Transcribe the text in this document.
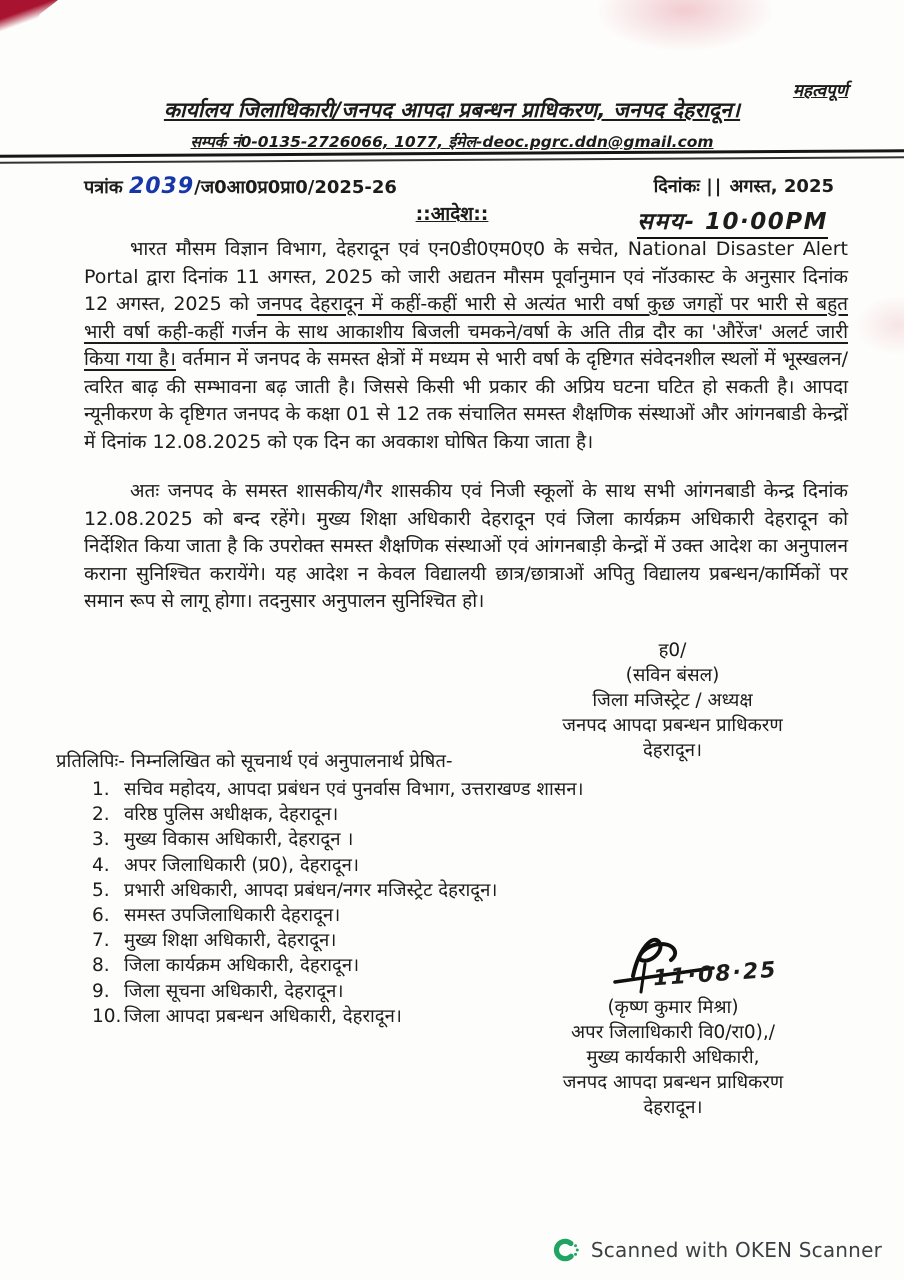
महत्वपूर्ण
कार्यालय जिलाधिकारी/जनपद आपदा प्रबन्धन प्राधिकरण, जनपद देहरादून।
सम्पर्क नं0-0135-2726066, 1077, ईमेल-deoc.pgrc.ddn@gmail.com
पत्रांक 2039/ज0आ0प्र0प्रा0/2025-26	दिनांकः || अगस्त, 2025
समय- 10·00PM
::आदेश::
भारत मौसम विज्ञान विभाग, देहरादून एवं एन0डी0एम0ए0 के सचेत, National Disaster Alert Portal द्वारा दिनांक 11 अगस्त, 2025 को जारी अद्यतन मौसम पूर्वानुमान एवं नॉउकास्ट के अनुसार दिनांक 12 अगस्त, 2025 को जनपद देहरादून में कहीं-कहीं भारी से अत्यंत भारी वर्षा कुछ जगहों पर भारी से बहुत भारी वर्षा कही-कहीं गर्जन के साथ आकाशीय बिजली चमकने/वर्षा के अति तीव्र दौर का 'औरेंज' अलर्ट जारी किया गया है। वर्तमान में जनपद के समस्त क्षेत्रों में मध्यम से भारी वर्षा के दृष्टिगत संवेदनशील स्थलों में भूस्खलन/त्वरित बाढ़ की सम्भावना बढ़ जाती है। जिससे किसी भी प्रकार की अप्रिय घटना घटित हो सकती है। आपदा न्यूनीकरण के दृष्टिगत जनपद के कक्षा 01 से 12 तक संचालित समस्त शैक्षणिक संस्थाओं और आंगनबाडी केन्द्रों में दिनांक 12.08.2025 को एक दिन का अवकाश घोषित किया जाता है।
अतः जनपद के समस्त शासकीय/गैर शासकीय एवं निजी स्कूलों के साथ सभी आंगनबाडी केन्द्र दिनांक 12.08.2025 को बन्द रहेंगे। मुख्य शिक्षा अधिकारी देहरादून एवं जिला कार्यक्रम अधिकारी देहरादून को निर्देशित किया जाता है कि उपरोक्त समस्त शैक्षणिक संस्थाओं एवं आंगनबाड़ी केन्द्रों में उक्त आदेश का अनुपालन कराना सुनिश्चित करायेंगे। यह आदेश न केवल विद्यालयी छात्र/छात्राओं अपितु विद्यालय प्रबन्धन/कार्मिकों पर समान रूप से लागू होगा। तदनुसार अनुपालन सुनिश्चित हो।
ह0/
(सविन बंसल)
जिला मजिस्ट्रेट / अध्यक्ष
जनपद आपदा प्रबन्धन प्राधिकरण
देहरादून।
प्रतिलिपिः- निम्नलिखित को सूचनार्थ एवं अनुपालनार्थ प्रेषित-
1. सचिव महोदय, आपदा प्रबंधन एवं पुनर्वास विभाग, उत्तराखण्ड शासन।
2. वरिष्ठ पुलिस अधीक्षक, देहरादून।
3. मुख्य विकास अधिकारी, देहरादून ।
4. अपर जिलाधिकारी (प्र0), देहरादून।
5. प्रभारी अधिकारी, आपदा प्रबंधन/नगर मजिस्ट्रेट देहरादून।
6. समस्त उपजिलाधिकारी देहरादून।
7. मुख्य शिक्षा अधिकारी, देहरादून।
8. जिला कार्यक्रम अधिकारी, देहरादून।
9. जिला सूचना अधिकारी, देहरादून।
10. जिला आपदा प्रबन्धन अधिकारी, देहरादून।
11·08·25
(कृष्ण कुमार मिश्रा)
अपर जिलाधिकारी वि0/रा0),/
मुख्य कार्यकारी अधिकारी,
जनपद आपदा प्रबन्धन प्राधिकरण
देहरादून।
Scanned with OKEN Scanner
